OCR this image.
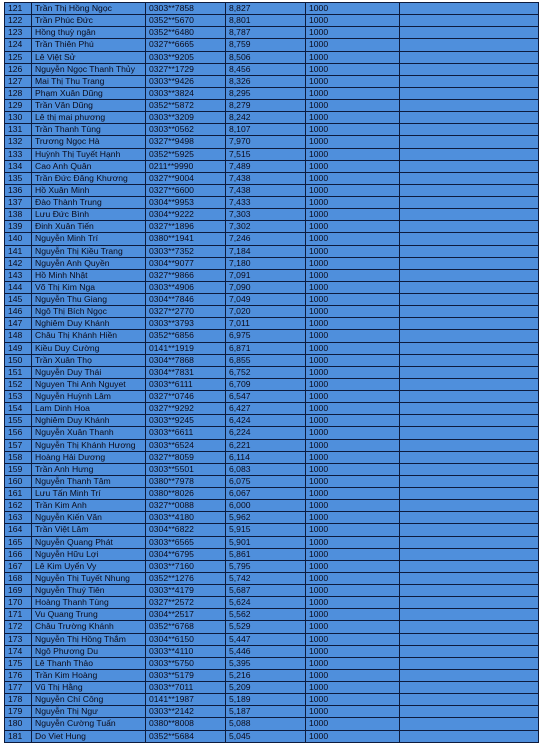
121	Trần Thị Hồng Ngọc	0303**7858	8,827	1000	
122	Trần Phúc Đức	0352**5670	8,801	1000	
123	Hồng thuỳ ngân	0352**6480	8,787	1000	
124	Trần Thiên Phú	0327**6665	8,759	1000	
125	Lê Việt Sử	0303**9205	8,506	1000	
126	Nguyễn Ngọc Thanh Thủy	0327**1729	8,456	1000	
127	Mai Thị Thu Trang	0303**9426	8,326	1000	
128	Phạm Xuân Dũng	0303**3824	8,295	1000	
129	Trần Văn Dũng	0352**5872	8,279	1000	
130	Lê thị mai phương	0303**3209	8,242	1000	
131	Trần Thanh Tùng	0303**0562	8,107	1000	
132	Trương Ngọc Hà	0327**9498	7,970	1000	
133	Huỳnh Thị Tuyết Hạnh	0352**5925	7,515	1000	
134	Cao Anh Quân	0211**9990	7,489	1000	
135	Trần Đức Đăng Khương	0327**9004	7,438	1000	
136	Hồ Xuân Minh	0327**6600	7,438	1000	
137	Đào Thành Trung	0304**9953	7,433	1000	
138	Lưu Đức Bình	0304**9222	7,303	1000	
139	Đinh Xuân Tiến	0327**1896	7,302	1000	
140	Nguyễn Minh Trí	0380**1941	7,246	1000	
141	Nguyễn Thị Kiều Trang	0303**7352	7,184	1000	
142	Nguyễn Anh Quyền	0304**9077	7,180	1000	
143	Hồ Minh Nhật	0327**9866	7,091	1000	
144	Võ Thị Kim Nga	0303**4906	7,090	1000	
145	Nguyễn Thu Giang	0304**7846	7,049	1000	
146	Ngô Thị Bích Ngọc	0327**2770	7,020	1000	
147	Nghiêm Duy Khánh	0303**3793	7,011	1000	
148	Châu Thị Khánh Hiền	0352**6856	6,975	1000	
149	Kiều Duy Cường	0141**1919	6,871	1000	
150	Trần Xuân Thọ	0304**7868	6,855	1000	
151	Nguyễn Duy Thái	0304**7831	6,752	1000	
152	Nguyen Thi Anh Nguyet	0303**6111	6,709	1000	
153	Nguyễn Huỳnh Lâm	0327**0746	6,547	1000	
154	Lam Dinh Hoa	0327**9292	6,427	1000	
155	Nghiêm Duy Khánh	0303**9245	6,424	1000	
156	Nguyễn Xuân Thanh	0303**6611	6,224	1000	
157	Nguyễn Thị Khánh Hương	0303**6524	6,221	1000	
158	Hoàng Hải Dương	0327**8059	6,114	1000	
159	Trần Anh Hưng	0303**5501	6,083	1000	
160	Nguyễn Thanh Tâm	0380**7978	6,075	1000	
161	Lưu Tấn Minh Trí	0380**8026	6,067	1000	
162	Trần Kim Anh	0327**0088	6,000	1000	
163	Nguyễn Kiến Văn	0303**4180	5,962	1000	
164	Trần Việt Lâm	0304**6822	5,915	1000	
165	Nguyễn Quang Phát	0303**6565	5,901	1000	
166	Nguyễn Hữu Lợi	0304**6795	5,861	1000	
167	Lê Kim Uyển Vy	0303**7160	5,795	1000	
168	Nguyễn Thị Tuyết Nhung	0352**1276	5,742	1000	
169	Nguyễn Thuý Tiên	0303**4179	5,687	1000	
170	Hoàng Thanh Tùng	0327**2572	5,624	1000	
171	Vu Quang Trung	0304**2517	5,562	1000	
172	Châu Trường Khánh	0352**6768	5,529	1000	
173	Nguyễn Thị Hồng Thắm	0304**6150	5,447	1000	
174	Ngô Phương Du	0303**4110	5,446	1000	
175	Lê Thanh Thảo	0303**5750	5,395	1000	
176	Trần Kim Hoàng	0303**5179	5,216	1000	
177	Vũ Thị Hằng	0303**7011	5,209	1000	
178	Nguyễn Chí Công	0141**1987	5,189	1000	
179	Nguyễn Thị Ngư	0303**2142	5,187	1000	
180	Nguyễn Cường Tuấn	0380**8008	5,088	1000	
181	Do Viet Hung	0352**5684	5,045	1000	
